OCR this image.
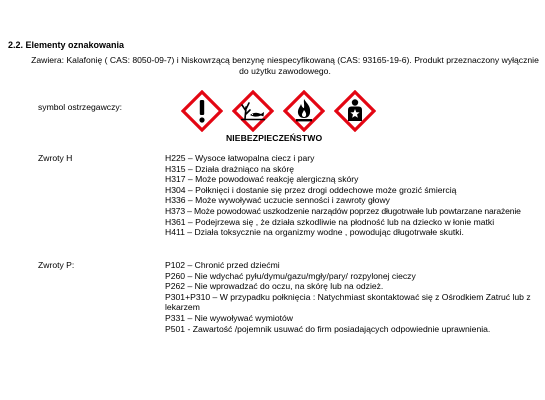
2.2. Elementy oznakowania
Zawiera: Kalafonię ( CAS: 8050-09-7) i Niskowrzącą benzynę niespecyfikowaną (CAS: 93165-19-6). Produkt przeznaczony wyłącznie
do użytku zawodowego.
symbol ostrzegawczy:
NIEBEZPIECZEŃSTWO
Zwroty H	H225 – Wysoce łatwopalna ciecz i pary
H315 – Działa drażniąco na skórę
H317 – Może powodować reakcję alergiczną skóry
H304 – Połknięci i dostanie się przez drogi oddechowe może grozić śmiercią
H336 – Może wywoływać uczucie senności i zawroty głowy
H373 – Może powodować uszkodzenie narządów poprzez długotrwałe lub powtarzane narażenie
H361 – Podejrzewa się , że działa szkodliwie na płodność lub na dziecko w łonie matki
H411 – Działa toksycznie na organizmy wodne , powodując długotrwałe skutki.
Zwroty P:	P102 – Chronić przed dziećmi
P260 – Nie wdychać pyłu/dymu/gazu/mgły/pary/ rozpylonej cieczy
P262 – Nie wprowadzać do oczu, na skórę lub na odzież.
P301+P310 – W przypadku połknięcia : Natychmiast skontaktować się z Ośrodkiem Zatruć lub z lekarzem
P331 – Nie wywoływać wymiotów
P501 - Zawartość /pojemnik usuwać do firm posiadających odpowiednie uprawnienia.
